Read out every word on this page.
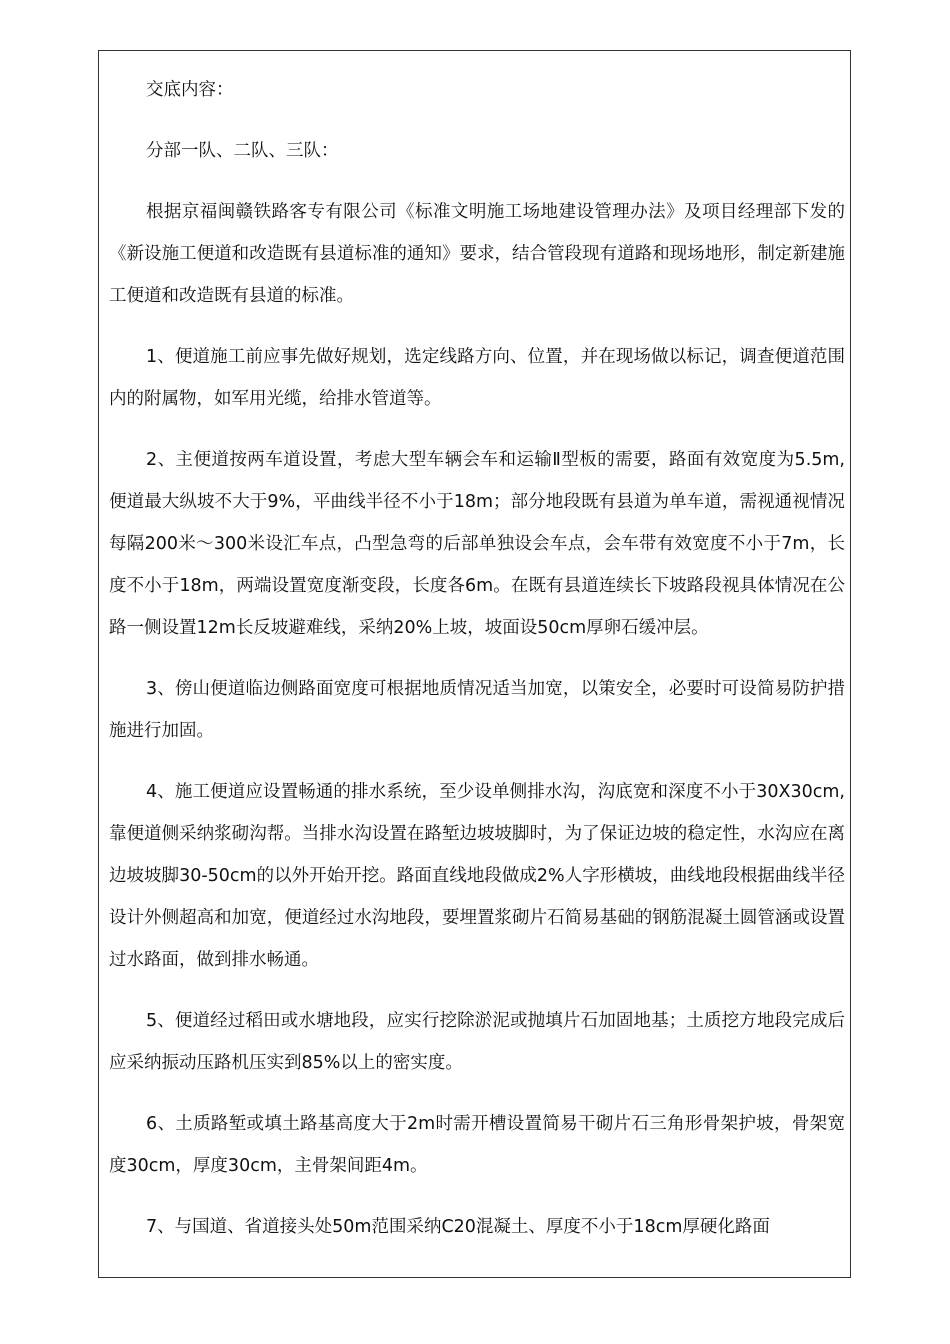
交底内容：

分部一队、二队、三队：

根据京福闽赣铁路客专有限公司《标准文明施工场地建设管理办法》及项目经理部下发的《新设施工便道和改造既有县道标准的通知》要求，结合管段现有道路和现场地形，制定新建施工便道和改造既有县道的标准。

1、便道施工前应事先做好规划，选定线路方向、位置，并在现场做以标记，调查便道范围内的附属物，如军用光缆，给排水管道等。

2、主便道按两车道设置，考虑大型车辆会车和运输Ⅱ型板的需要，路面有效宽度为5.5m,便道最大纵坡不大于9%，平曲线半径不小于18m；部分地段既有县道为单车道，需视通视情况每隔200米～300米设汇车点，凸型急弯的后部单独设会车点，会车带有效宽度不小于7m，长度不小于18m，两端设置宽度渐变段，长度各6m。在既有县道连续长下坡路段视具体情况在公路一侧设置12m长反坡避难线，采纳20%上坡，坡面设50cm厚卵石缓冲层。

3、傍山便道临边侧路面宽度可根据地质情况适当加宽，以策安全，必要时可设简易防护措施进行加固。

4、施工便道应设置畅通的排水系统，至少设单侧排水沟，沟底宽和深度不小于30X30cm, 靠便道侧采纳浆砌沟帮。当排水沟设置在路堑边坡坡脚时，为了保证边坡的稳定性，水沟应在离边坡坡脚30-50cm的以外开始开挖。路面直线地段做成2%人字形横坡，曲线地段根据曲线半径设计外侧超高和加宽，便道经过水沟地段，要埋置浆砌片石简易基础的钢筋混凝土圆管涵或设置过水路面，做到排水畅通。

5、便道经过稻田或水塘地段，应实行挖除淤泥或抛填片石加固地基；土质挖方地段完成后应采纳振动压路机压实到85%以上的密实度。

6、土质路堑或填土路基高度大于2m时需开槽设置简易干砌片石三角形骨架护坡，骨架宽度30cm，厚度30cm，主骨架间距4m。

7、与国道、省道接头处50m范围采纳C20混凝土、厚度不小于18cm厚硬化路面
